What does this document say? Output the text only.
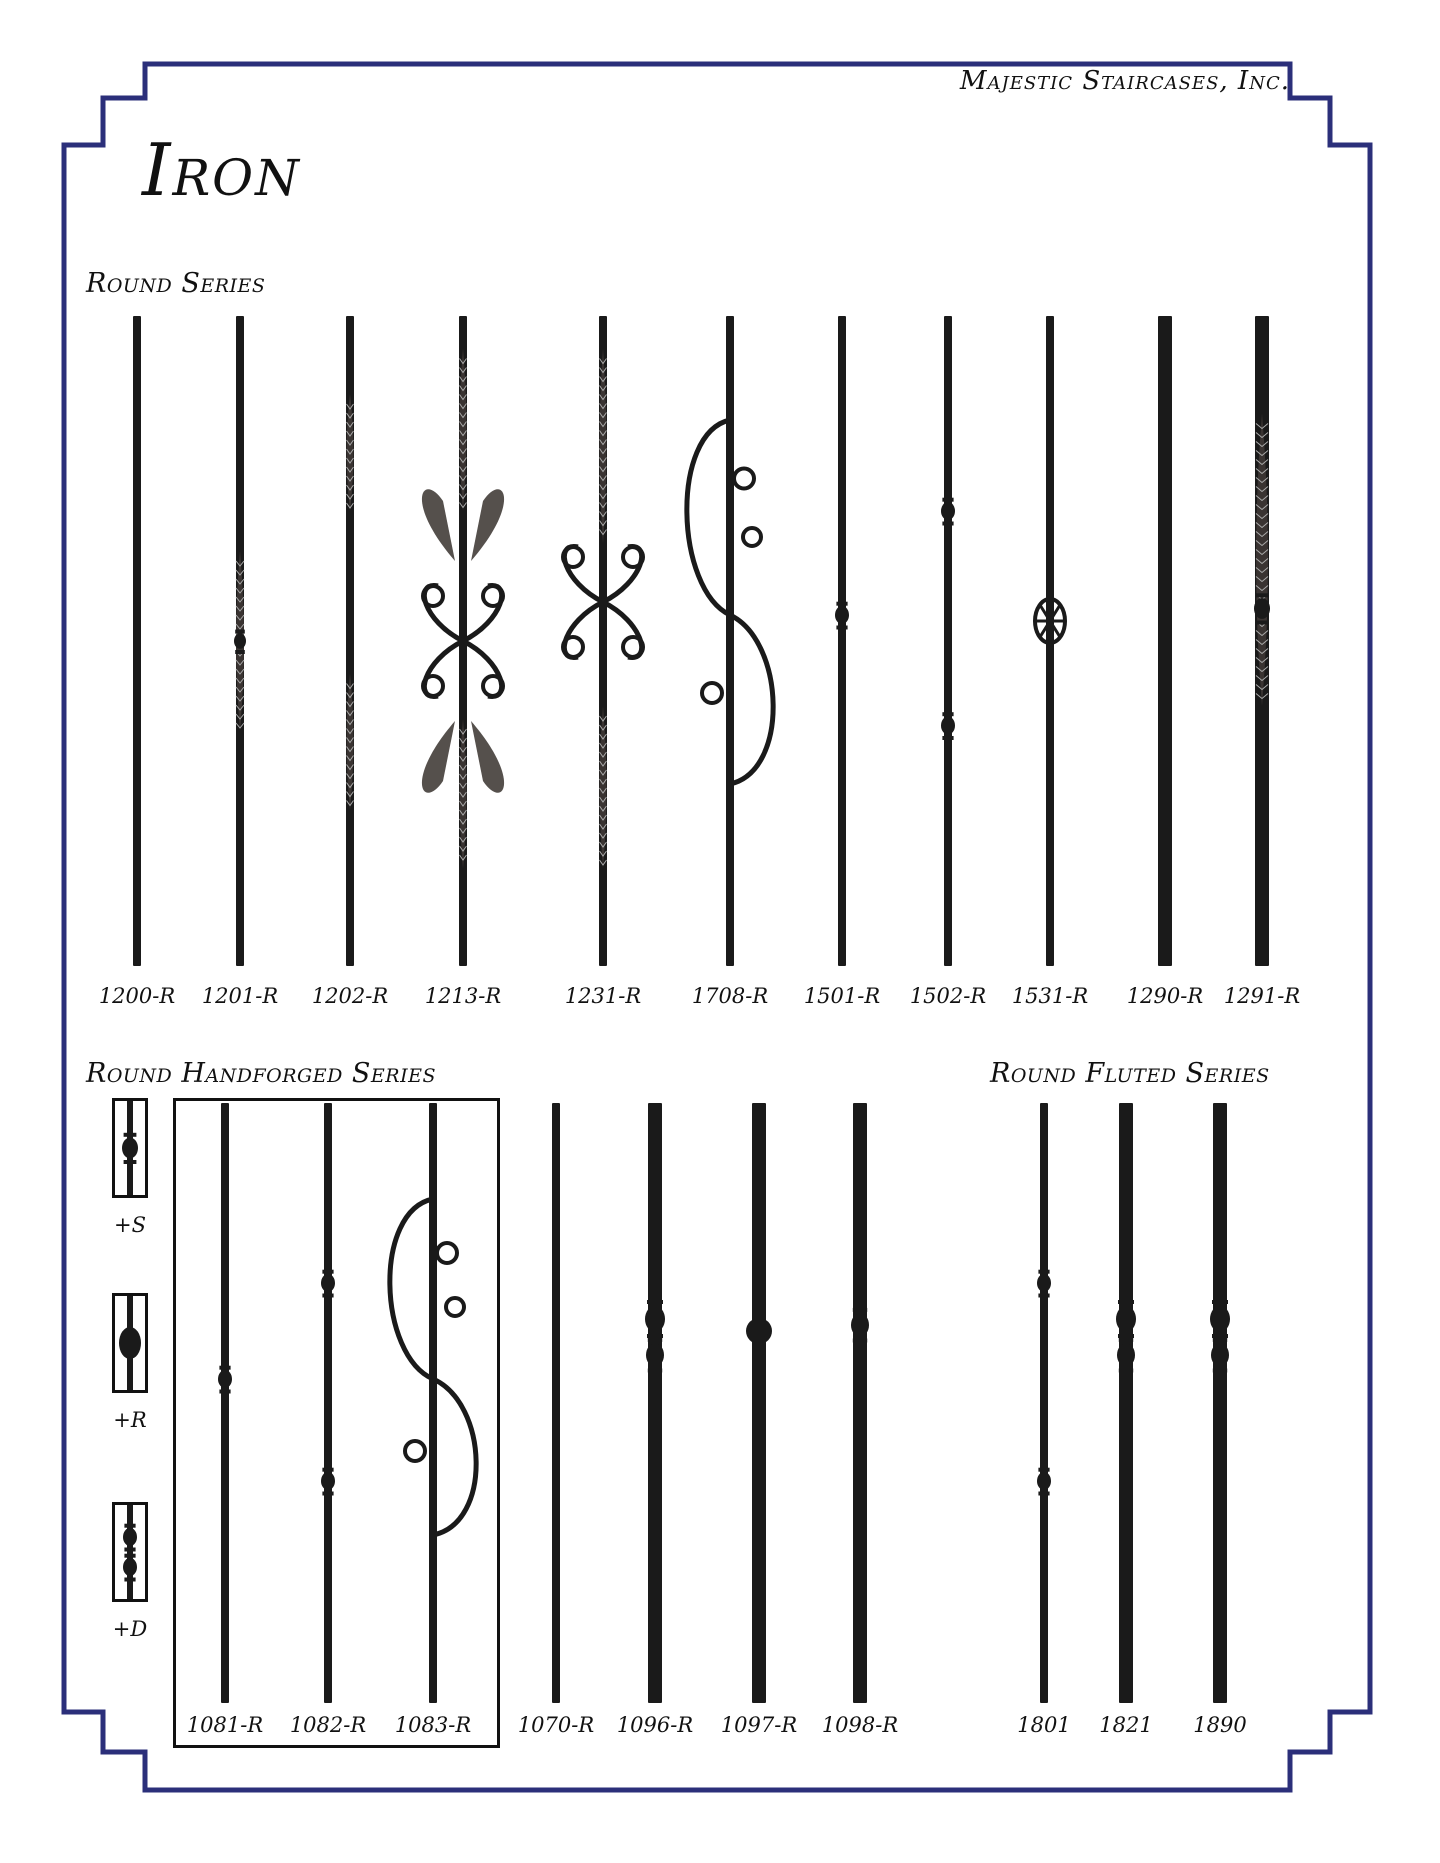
Majestic Staircases, Inc.
Iron
Round Series
Round Handforged Series	Round Fluted Series
1200-R 1201-R 1202-R 1213-R	1231-R 1708-R 1501-R 1502-R 1531-R 1290-R 1291-R
1081-R 1082-R 1083-R 1070-R 1096-R 1097-R 1098-R	1801 1821 1890
+S
+R
+D
